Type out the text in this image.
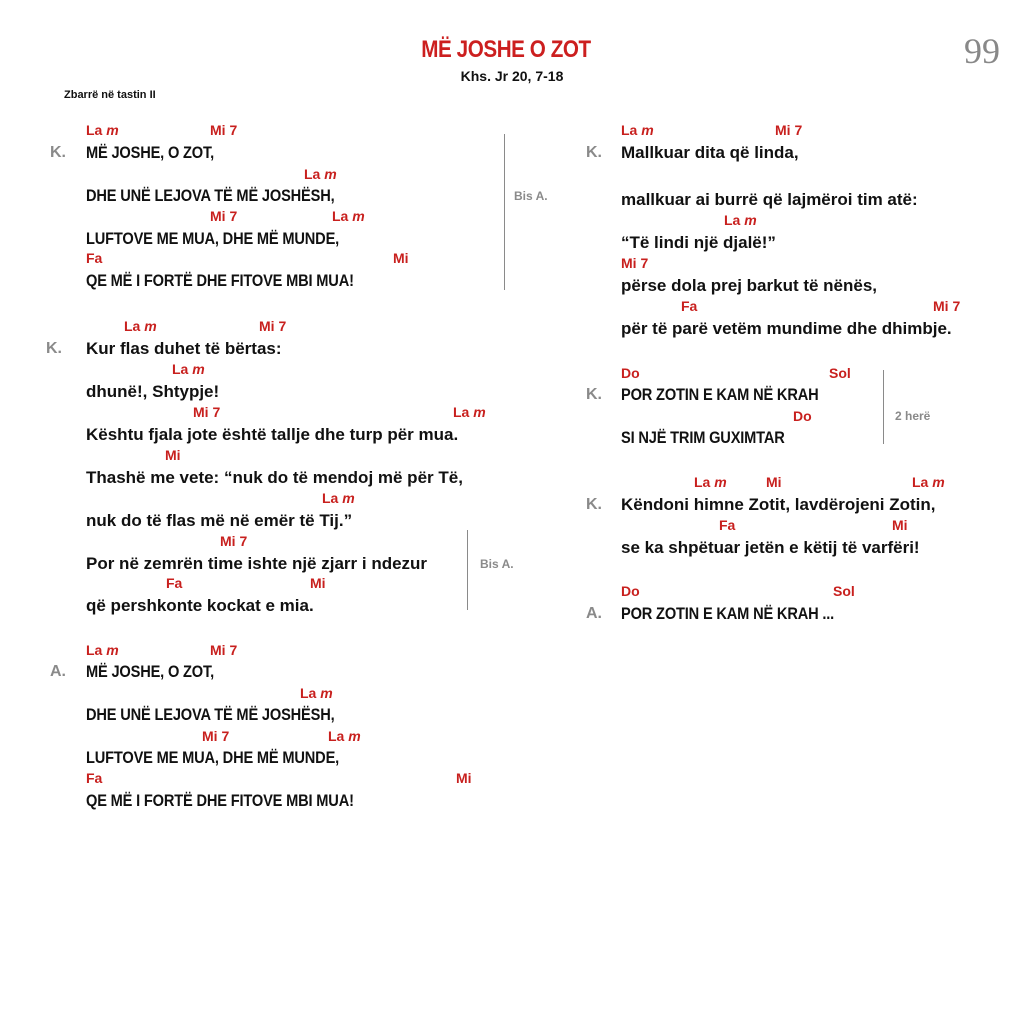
MË JOSHE O ZOT
Khs. Jr 20, 7-18
99
Zbarrë në tastin II
La m	Mi 7
K. MË JOSHE, O ZOT,
La m
DHE UNË LEJOVA TË MË JOSHËSH,
Mi 7	La m
LUFTOVE ME MUA, DHE MË MUNDE,
Fa	Mi
QE MË I FORTË DHE FITOVE MBI MUA!
Bis A.
La m	Mi 7
K. Kur flas duhet të bërtas:
La m
dhunë!, Shtypje!
Mi 7	La m
Kështu fjala jote është tallje dhe turp për mua.
Mi
Thashë me vete: “nuk do të mendoj më për Të,
La m
nuk do të flas më në emër të Tij.”
Mi 7
Por në zemrën time ishte një zjarr i ndezur
Fa	Mi
që pershkonte kockat e mia.
Bis A.
La m	Mi 7
A. MË JOSHE, O ZOT,
La m
DHE UNË LEJOVA TË MË JOSHËSH,
Mi 7	La m
LUFTOVE ME MUA, DHE MË MUNDE,
Fa	Mi
QE MË I FORTË DHE FITOVE MBI MUA!
La m	Mi 7
K. Mallkuar dita që linda,
mallkuar ai burrë që lajmëroi tim atë:
La m
“Të lindi një djalë!”
Mi 7
përse dola prej barkut të nënës,
Fa	Mi 7
për të parë vetëm mundime dhe dhimbje.
Do	Sol
K. POR ZOTIN E KAM NË KRAH
Do
SI NJË TRIM GUXIMTAR
2 herë
La m	Mi	La m
K. Këndoni himne Zotit, lavdërojeni Zotin,
Fa	Mi
se ka shpëtuar jetën e këtij të varfëri!
Do	Sol
A. POR ZOTIN E KAM NË KRAH ...
